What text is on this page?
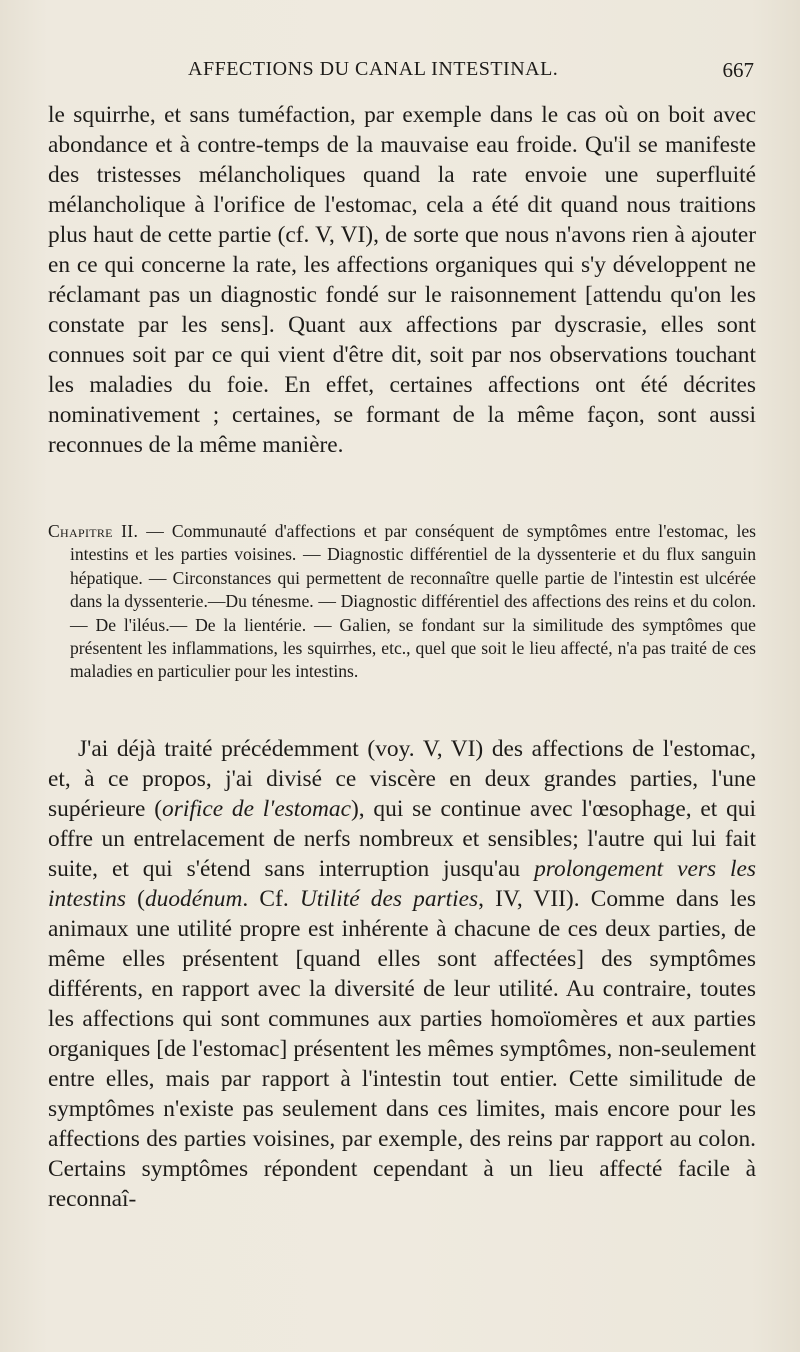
AFFECTIONS DU CANAL INTESTINAL.	667

le squirrhe, et sans tuméfaction, par exemple dans le cas où on boit avec abondance et à contre-temps de la mauvaise eau froide. Qu'il se manifeste des tristesses mélancholiques quand la rate envoie une superfluité mélancholique à l'orifice de l'estomac, cela a été dit quand nous traitions plus haut de cette partie (cf. V, VI), de sorte que nous n'avons rien à ajouter en ce qui concerne la rate, les affections organiques qui s'y développent ne réclamant pas un diagnostic fondé sur le raisonnement [attendu qu'on les constate par les sens]. Quant aux affections par dyscrasie, elles sont connues soit par ce qui vient d'être dit, soit par nos observations touchant les maladies du foie. En effet, certaines affections ont été décrites nominativement ; certaines, se formant de la même façon, sont aussi reconnues de la même manière.

Chapitre II. — Communauté d'affections et par conséquent de symptômes entre l'estomac, les intestins et les parties voisines. — Diagnostic différentiel de la dyssenterie et du flux sanguin hépatique. — Circonstances qui permettent de reconnaître quelle partie de l'intestin est ulcérée dans la dyssenterie.—Du ténesme. — Diagnostic différentiel des affections des reins et du colon. — De l'iléus.— De la lientérie. — Galien, se fondant sur la similitude des symptômes que présentent les inflammations, les squirrhes, etc., quel que soit le lieu affecté, n'a pas traité de ces maladies en particulier pour les intestins.

J'ai déjà traité précédemment (voy. V, VI) des affections de l'estomac, et, à ce propos, j'ai divisé ce viscère en deux grandes parties, l'une supérieure (orifice de l'estomac), qui se continue avec l'œsophage, et qui offre un entrelacement de nerfs nombreux et sensibles; l'autre qui lui fait suite, et qui s'étend sans interruption jusqu'au prolongement vers les intestins (duodénum. Cf. Utilité des parties, IV, VII). Comme dans les animaux une utilité propre est inhérente à chacune de ces deux parties, de même elles présentent [quand elles sont affectées] des symptômes différents, en rapport avec la diversité de leur utilité. Au contraire, toutes les affections qui sont communes aux parties homoïomères et aux parties organiques [de l'estomac] présentent les mêmes symptômes, non-seulement entre elles, mais par rapport à l'intestin tout entier. Cette similitude de symptômes n'existe pas seulement dans ces limites, mais encore pour les affections des parties voisines, par exemple, des reins par rapport au colon. Certains symptômes répondent cependant à un lieu affecté facile à reconnaî-
